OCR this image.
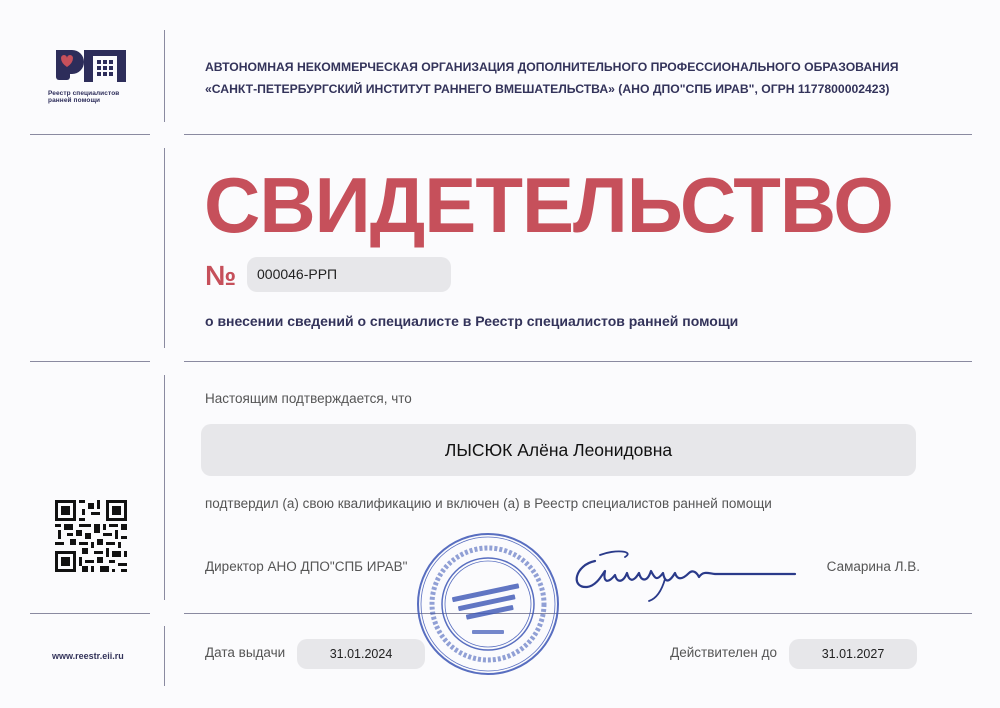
Реестр специалистов ранней помощи
АВТОНОМНАЯ НЕКОММЕРЧЕСКАЯ ОРГАНИЗАЦИЯ ДОПОЛНИТЕЛЬНОГО ПРОФЕССИОНАЛЬНОГО ОБРАЗОВАНИЯ
«САНКТ-ПЕТЕРБУРГСКИЙ ИНСТИТУТ РАННЕГО ВМЕШАТЕЛЬСТВА» (АНО ДПО"СПБ ИРАВ", ОГРН 1177800002423)
СВИДЕТЕЛЬСТВО
№	000046-РРП
о внесении сведений о специалисте в Реестр специалистов ранней помощи
Настоящим подтверждается, что
ЛЫСЮК Алёна Леонидовна
подтвердил (а) свою квалификацию и включен (а) в Реестр специалистов ранней помощи
Директор АНО ДПО"СПБ ИРАВ"	Самарина Л.В.
www.reestr.eii.ru	Дата выдачи	31.01.2024	Действителен до	31.01.2027
